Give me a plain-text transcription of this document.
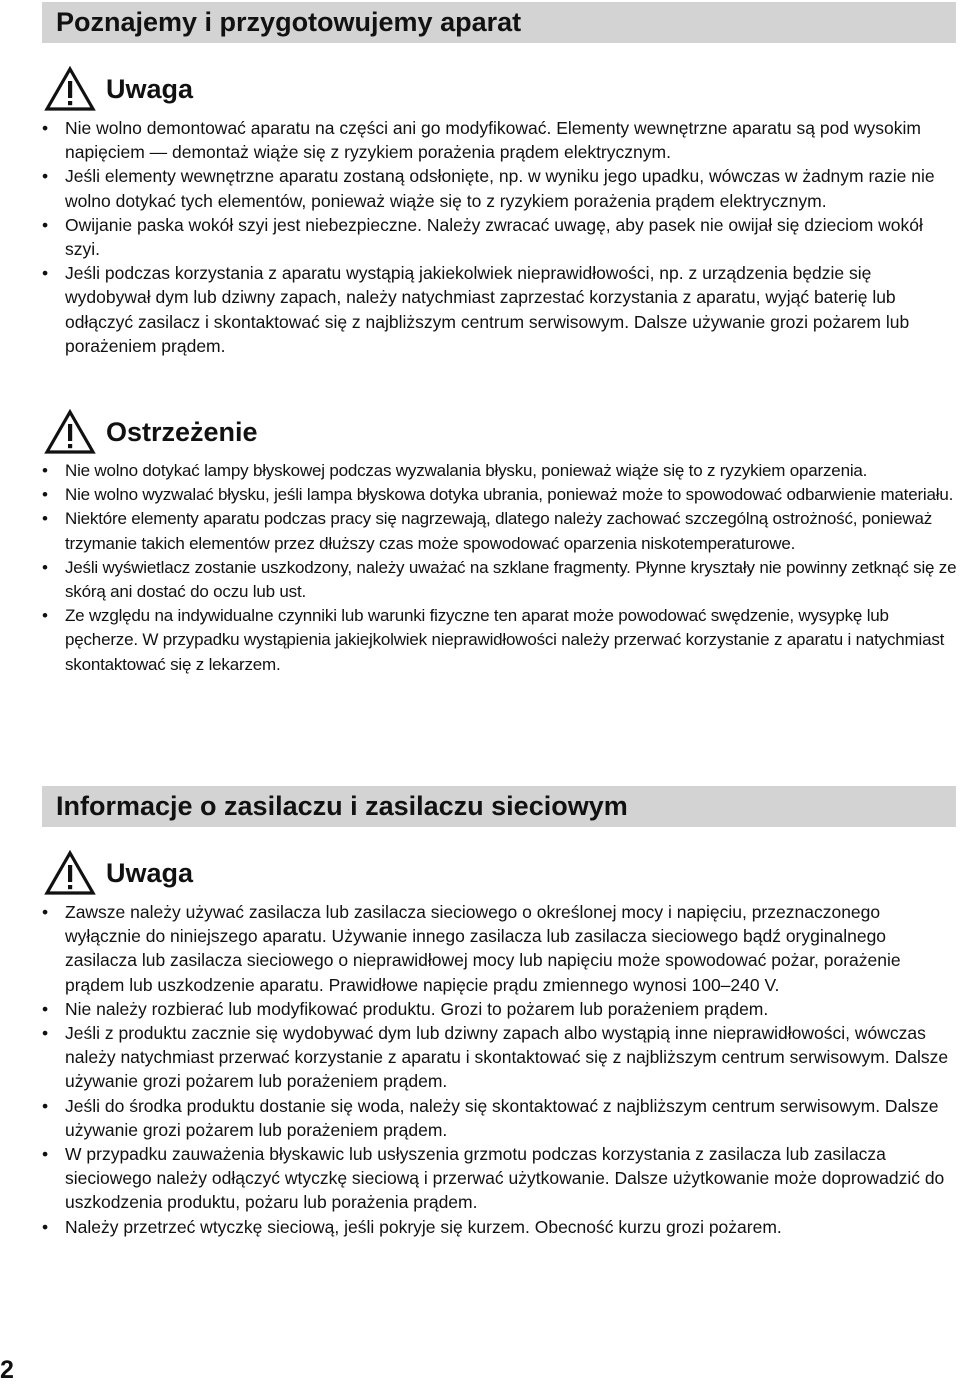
Poznajemy i przygotowujemy aparat
Uwaga
• Nie wolno demontować aparatu na części ani go modyfikować. Elementy wewnętrzne aparatu są pod wysokim napięciem — demontaż wiąże się z ryzykiem porażenia prądem elektrycznym.
• Jeśli elementy wewnętrzne aparatu zostaną odsłonięte, np. w wyniku jego upadku, wówczas w żadnym razie nie wolno dotykać tych elementów, ponieważ wiąże się to z ryzykiem porażenia prądem elektrycznym.
• Owijanie paska wokół szyi jest niebezpieczne. Należy zwracać uwagę, aby pasek nie owijał się dzieciom wokół szyi.
• Jeśli podczas korzystania z aparatu wystąpią jakiekolwiek nieprawidłowości, np. z urządzenia będzie się wydobywał dym lub dziwny zapach, należy natychmiast zaprzestać korzystania z aparatu, wyjąć baterię lub odłączyć zasilacz i skontaktować się z najbliższym centrum serwisowym. Dalsze używanie grozi pożarem lub porażeniem prądem.
Ostrzeżenie
• Nie wolno dotykać lampy błyskowej podczas wyzwalania błysku, ponieważ wiąże się to z ryzykiem oparzenia.
• Nie wolno wyzwalać błysku, jeśli lampa błyskowa dotyka ubrania, ponieważ może to spowodować odbarwienie materiału.
• Niektóre elementy aparatu podczas pracy się nagrzewają, dlatego należy zachować szczególną ostrożność, ponieważ trzymanie takich elementów przez dłuższy czas może spowodować oparzenia niskotemperaturowe.
• Jeśli wyświetlacz zostanie uszkodzony, należy uważać na szklane fragmenty. Płynne kryształy nie powinny zetknąć się ze skórą ani dostać do oczu lub ust.
• Ze względu na indywidualne czynniki lub warunki fizyczne ten aparat może powodować swędzenie, wysypkę lub pęcherze. W przypadku wystąpienia jakiejkolwiek nieprawidłowości należy przerwać korzystanie z aparatu i natychmiast skontaktować się z lekarzem.
Informacje o zasilaczu i zasilaczu sieciowym
Uwaga
• Zawsze należy używać zasilacza lub zasilacza sieciowego o określonej mocy i napięciu, przeznaczonego wyłącznie do niniejszego aparatu. Używanie innego zasilacza lub zasilacza sieciowego bądź oryginalnego zasilacza lub zasilacza sieciowego o nieprawidłowej mocy lub napięciu może spowodować pożar, porażenie prądem lub uszkodzenie aparatu. Prawidłowe napięcie prądu zmiennego wynosi 100–240 V.
• Nie należy rozbierać lub modyfikować produktu. Grozi to pożarem lub porażeniem prądem.
• Jeśli z produktu zacznie się wydobywać dym lub dziwny zapach albo wystąpią inne nieprawidłowości, wówczas należy natychmiast przerwać korzystanie z aparatu i skontaktować się z najbliższym centrum serwisowym. Dalsze używanie grozi pożarem lub porażeniem prądem.
• Jeśli do środka produktu dostanie się woda, należy się skontaktować z najbliższym centrum serwisowym. Dalsze używanie grozi pożarem lub porażeniem prądem.
• W przypadku zauważenia błyskawic lub usłyszenia grzmotu podczas korzystania z zasilacza lub zasilacza sieciowego należy odłączyć wtyczkę sieciową i przerwać użytkowanie. Dalsze użytkowanie może doprowadzić do uszkodzenia produktu, pożaru lub porażenia prądem.
• Należy przetrzeć wtyczkę sieciową, jeśli pokryje się kurzem. Obecność kurzu grozi pożarem.
2
